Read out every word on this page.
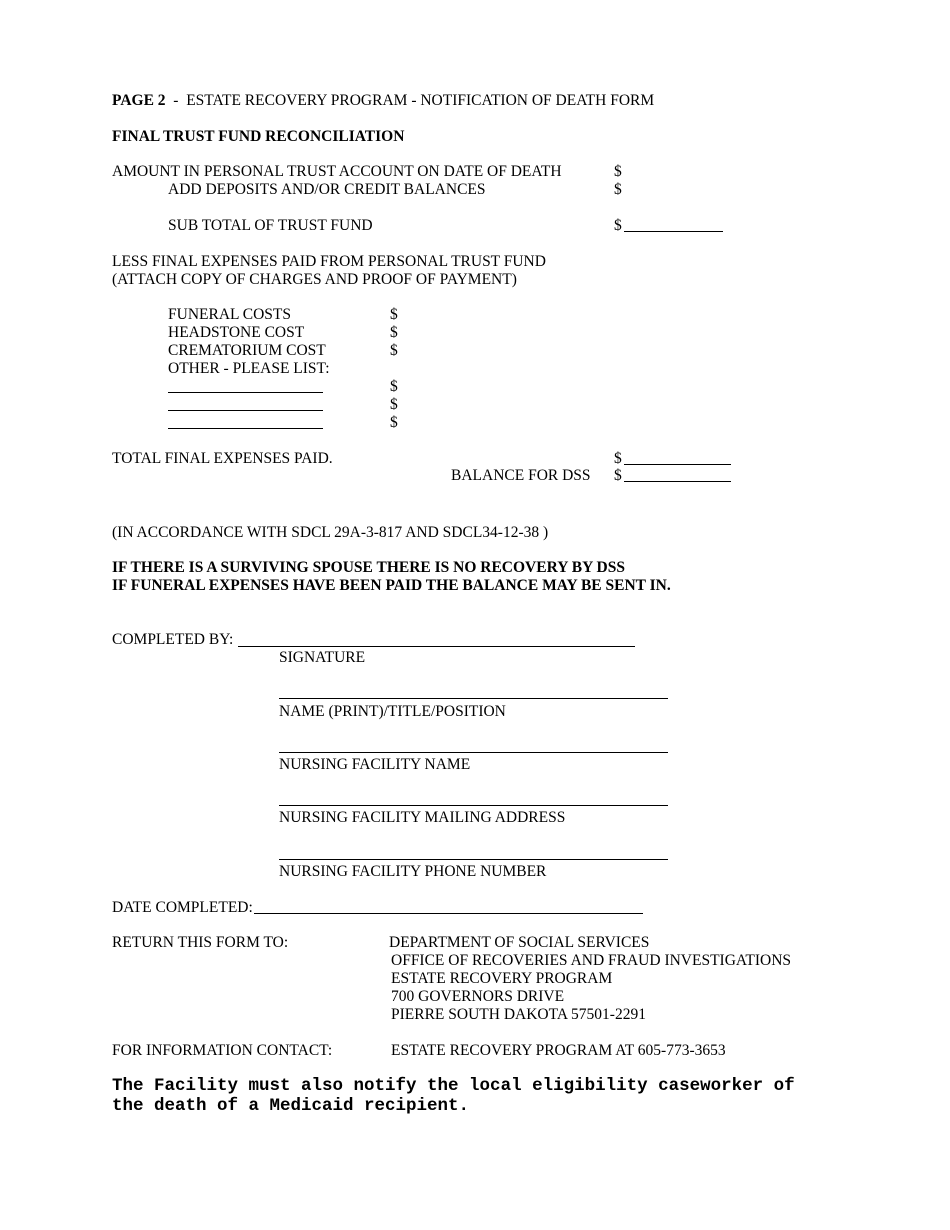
PAGE 2 - ESTATE RECOVERY PROGRAM - NOTIFICATION OF DEATH FORM
FINAL TRUST FUND RECONCILIATION
AMOUNT IN PERSONAL TRUST ACCOUNT ON DATE OF DEATH	$
ADD DEPOSITS AND/OR CREDIT BALANCES	$
SUB TOTAL OF TRUST FUND	$
LESS FINAL EXPENSES PAID FROM PERSONAL TRUST FUND
(ATTACH COPY OF CHARGES AND PROOF OF PAYMENT)
FUNERAL COSTS	$
HEADSTONE COST	$
CREMATORIUM COST	$
OTHER - PLEASE LIST:
$
$
$
TOTAL FINAL EXPENSES PAID.	$
BALANCE FOR DSS $
(IN ACCORDANCE WITH SDCL 29A-3-817 AND SDCL34-12-38 )
IF THERE IS A SURVIVING SPOUSE THERE IS NO RECOVERY BY DSS
IF FUNERAL EXPENSES HAVE BEEN PAID THE BALANCE MAY BE SENT IN.
COMPLETED BY:
SIGNATURE
NAME (PRINT)/TITLE/POSITION
NURSING FACILITY NAME
NURSING FACILITY MAILING ADDRESS
NURSING FACILITY PHONE NUMBER
DATE COMPLETED:
RETURN THIS FORM TO:	DEPARTMENT OF SOCIAL SERVICES
OFFICE OF RECOVERIES AND FRAUD INVESTIGATIONS
ESTATE RECOVERY PROGRAM
700 GOVERNORS DRIVE
PIERRE SOUTH DAKOTA 57501-2291
FOR INFORMATION CONTACT:	ESTATE RECOVERY PROGRAM AT 605-773-3653
The Facility must also notify the local eligibility caseworker of
the death of a Medicaid recipient.
